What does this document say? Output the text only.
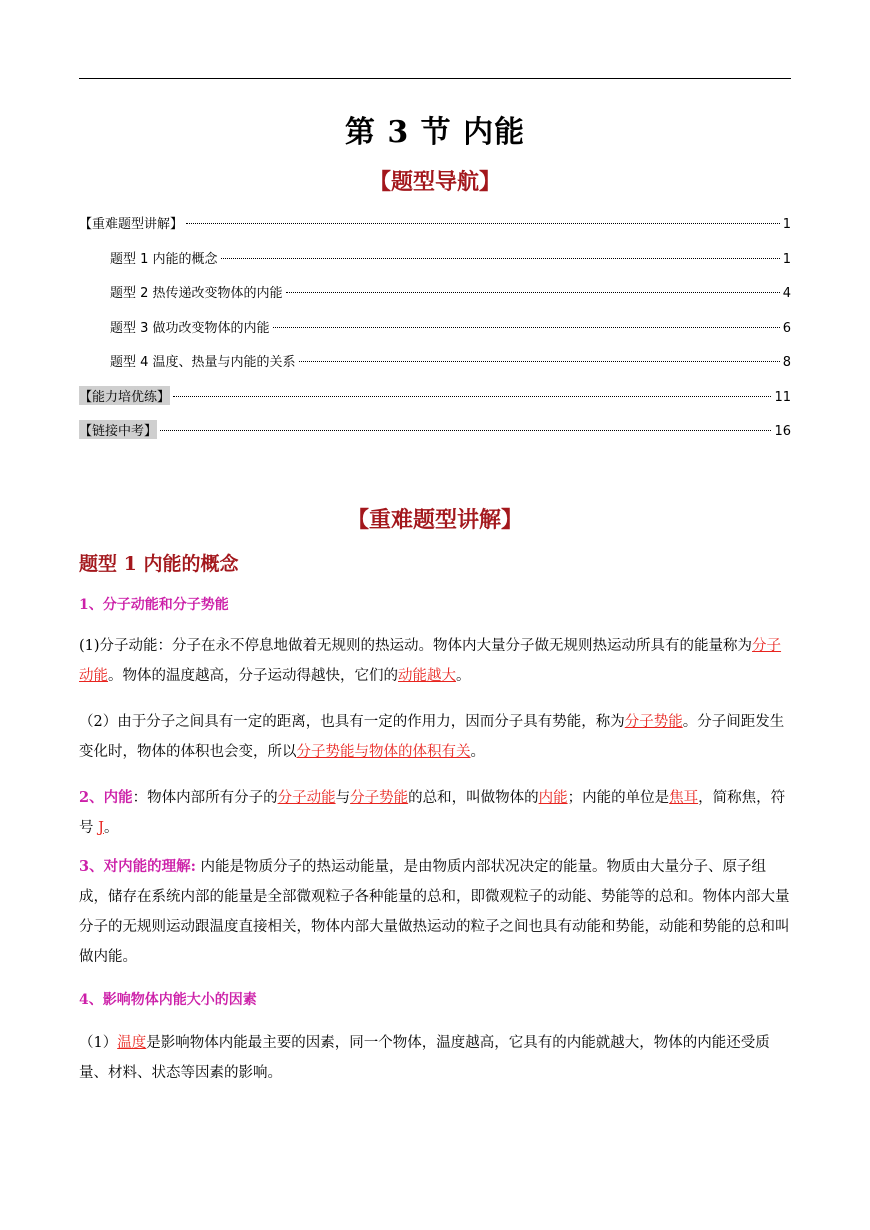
第 3 节 内能
【题型导航】
【重难题型讲解】	1
题型 1 内能的概念	1
题型 2 热传递改变物体的内能	4
题型 3 做功改变物体的内能	6
题型 4 温度、热量与内能的关系	8
【能力培优练】	11
【链接中考】	16
【重难题型讲解】
题型 1 内能的概念
1、分子动能和分子势能
(1)分子动能：分子在永不停息地做着无规则的热运动。物体内大量分子做无规则热运动所具有的能量称为分子动能。物体的温度越高，分子运动得越快，它们的动能越大。
（2）由于分子之间具有一定的距离，也具有一定的作用力，因而分子具有势能，称为分子势能。分子间距发生变化时，物体的体积也会变，所以分子势能与物体的体积有关。
2、内能：物体内部所有分子的分子动能与分子势能的总和，叫做物体的内能；内能的单位是焦耳，简称焦，符号 J。
3、对内能的理解: 内能是物质分子的热运动能量，是由物质内部状况决定的能量。物质由大量分子、原子组成，储存在系统内部的能量是全部微观粒子各种能量的总和，即微观粒子的动能、势能等的总和。物体内部大量分子的无规则运动跟温度直接相关，物体内部大量做热运动的粒子之间也具有动能和势能，动能和势能的总和叫做内能。
4、影响物体内能大小的因素
（1）温度是影响物体内能最主要的因素，同一个物体，温度越高，它具有的内能就越大，物体的内能还受质量、材料、状态等因素的影响。
